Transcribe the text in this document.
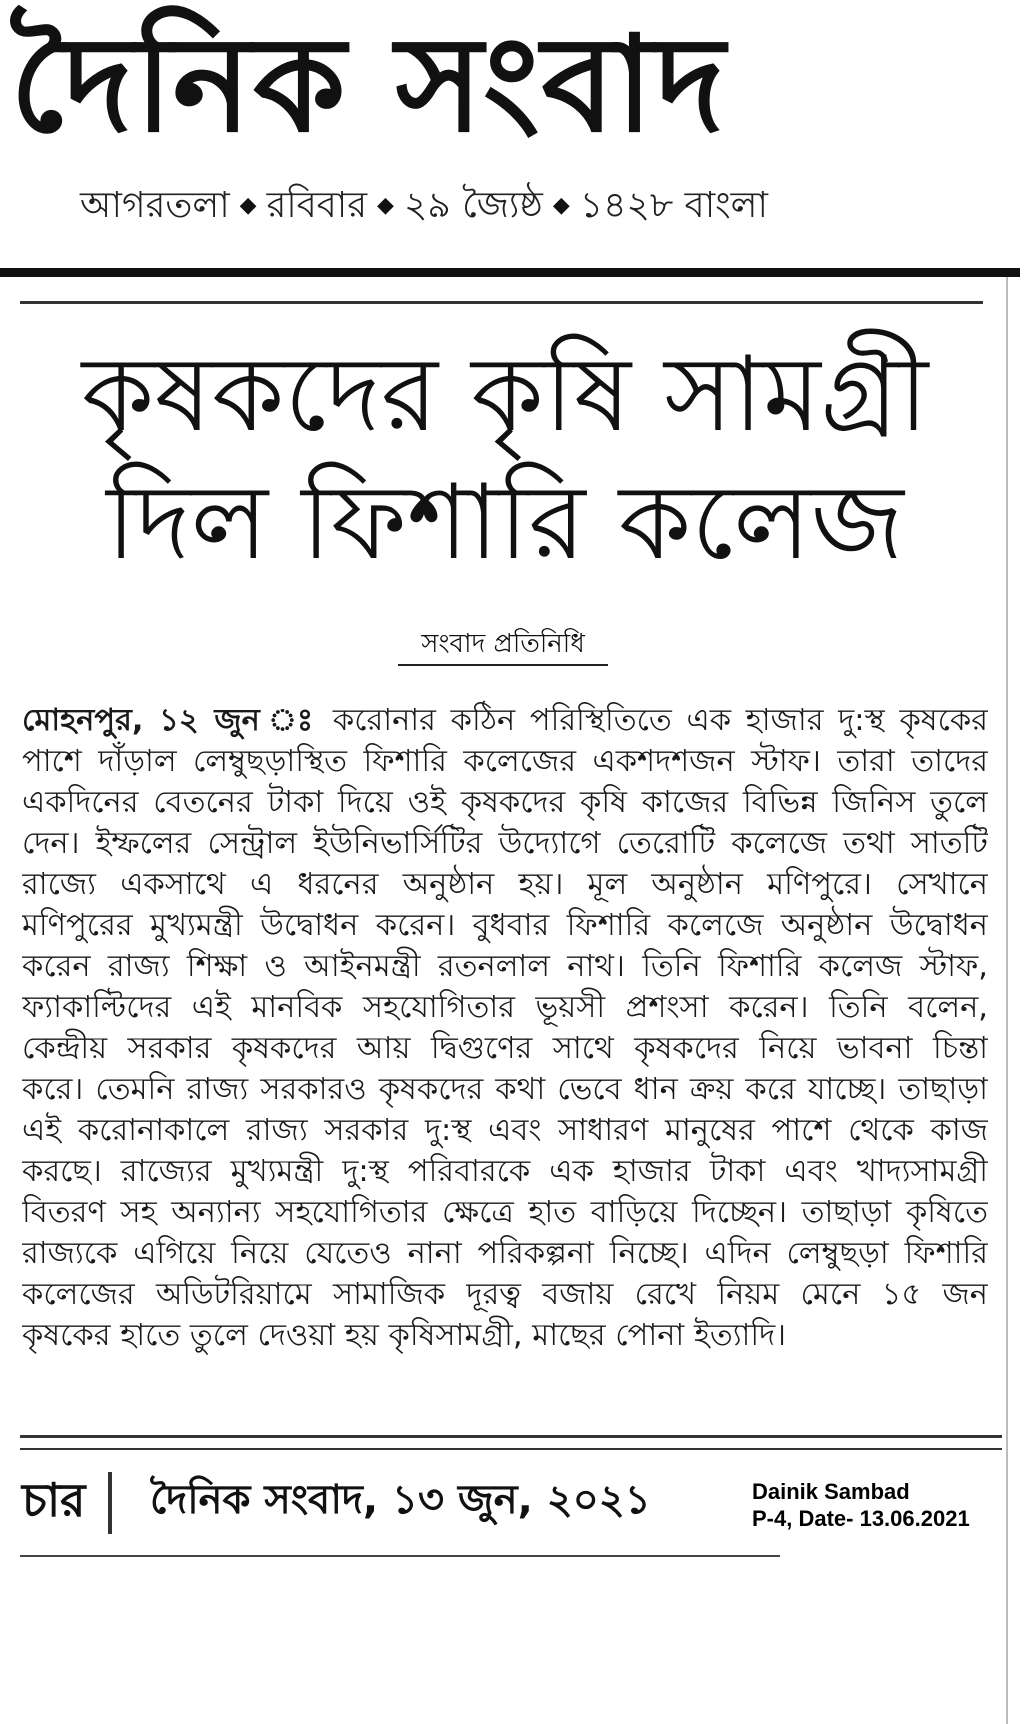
দৈনিক সংবাদ
আগরতলা ◆ রবিবার ◆ ২৯ জ্যৈষ্ঠ ◆ ১৪২৮ বাংলা
কৃষকদের কৃষি সামগ্রী
দিল ফিশারি কলেজ
সংবাদ প্রতিনিধি
মোহনপুর, ১২ জুন ঃ করোনার কঠিন পরিস্থিতিতে এক হাজার দু:স্থ কৃষকের
পাশে দাঁড়াল লেম্বুছড়াস্থিত ফিশারি কলেজের একশদশজন স্টাফ। তারা তাদের
একদিনের বেতনের টাকা দিয়ে ওই কৃষকদের কৃষি কাজের বিভিন্ন জিনিস তুলে
দেন। ইম্ফলের সেন্ট্রাল ইউনিভার্সিটির উদ্যোগে তেরোটি কলেজে তথা সাতটি
রাজ্যে একসাথে এ ধরনের অনুষ্ঠান হয়। মূল অনুষ্ঠান মণিপুরে। সেখানে
মণিপুরের মুখ্যমন্ত্রী উদ্বোধন করেন। বুধবার ফিশারি কলেজে অনুষ্ঠান উদ্বোধন
করেন রাজ্য শিক্ষা ও আইনমন্ত্রী রতনলাল নাথ। তিনি ফিশারি কলেজ স্টাফ,
ফ্যাকাল্টিদের এই মানবিক সহযোগিতার ভূয়সী প্রশংসা করেন। তিনি বলেন,
কেন্দ্রীয় সরকার কৃষকদের আয় দ্বিগুণের সাথে কৃষকদের নিয়ে ভাবনা চিন্তা
করে। তেমনি রাজ্য সরকারও কৃষকদের কথা ভেবে ধান ক্রয় করে যাচ্ছে। তাছাড়া
এই করোনাকালে রাজ্য সরকার দু:স্থ এবং সাধারণ মানুষের পাশে থেকে কাজ
করছে। রাজ্যের মুখ্যমন্ত্রী দু:স্থ পরিবারকে এক হাজার টাকা এবং খাদ্যসামগ্রী
বিতরণ সহ অন্যান্য সহযোগিতার ক্ষেত্রে হাত বাড়িয়ে দিচ্ছেন। তাছাড়া কৃষিতে
রাজ্যকে এগিয়ে নিয়ে যেতেও নানা পরিকল্পনা নিচ্ছে। এদিন লেম্বুছড়া ফিশারি
কলেজের অডিটরিয়ামে সামাজিক দূরত্ব বজায় রেখে নিয়ম মেনে ১৫ জন
কৃষকের হাতে তুলে দেওয়া হয় কৃষিসামগ্রী, মাছের পোনা ইত্যাদি।
চার	দৈনিক সংবাদ, ১৩ জুন, ২০২১	Dainik Sambad
P-4, Date- 13.06.2021
